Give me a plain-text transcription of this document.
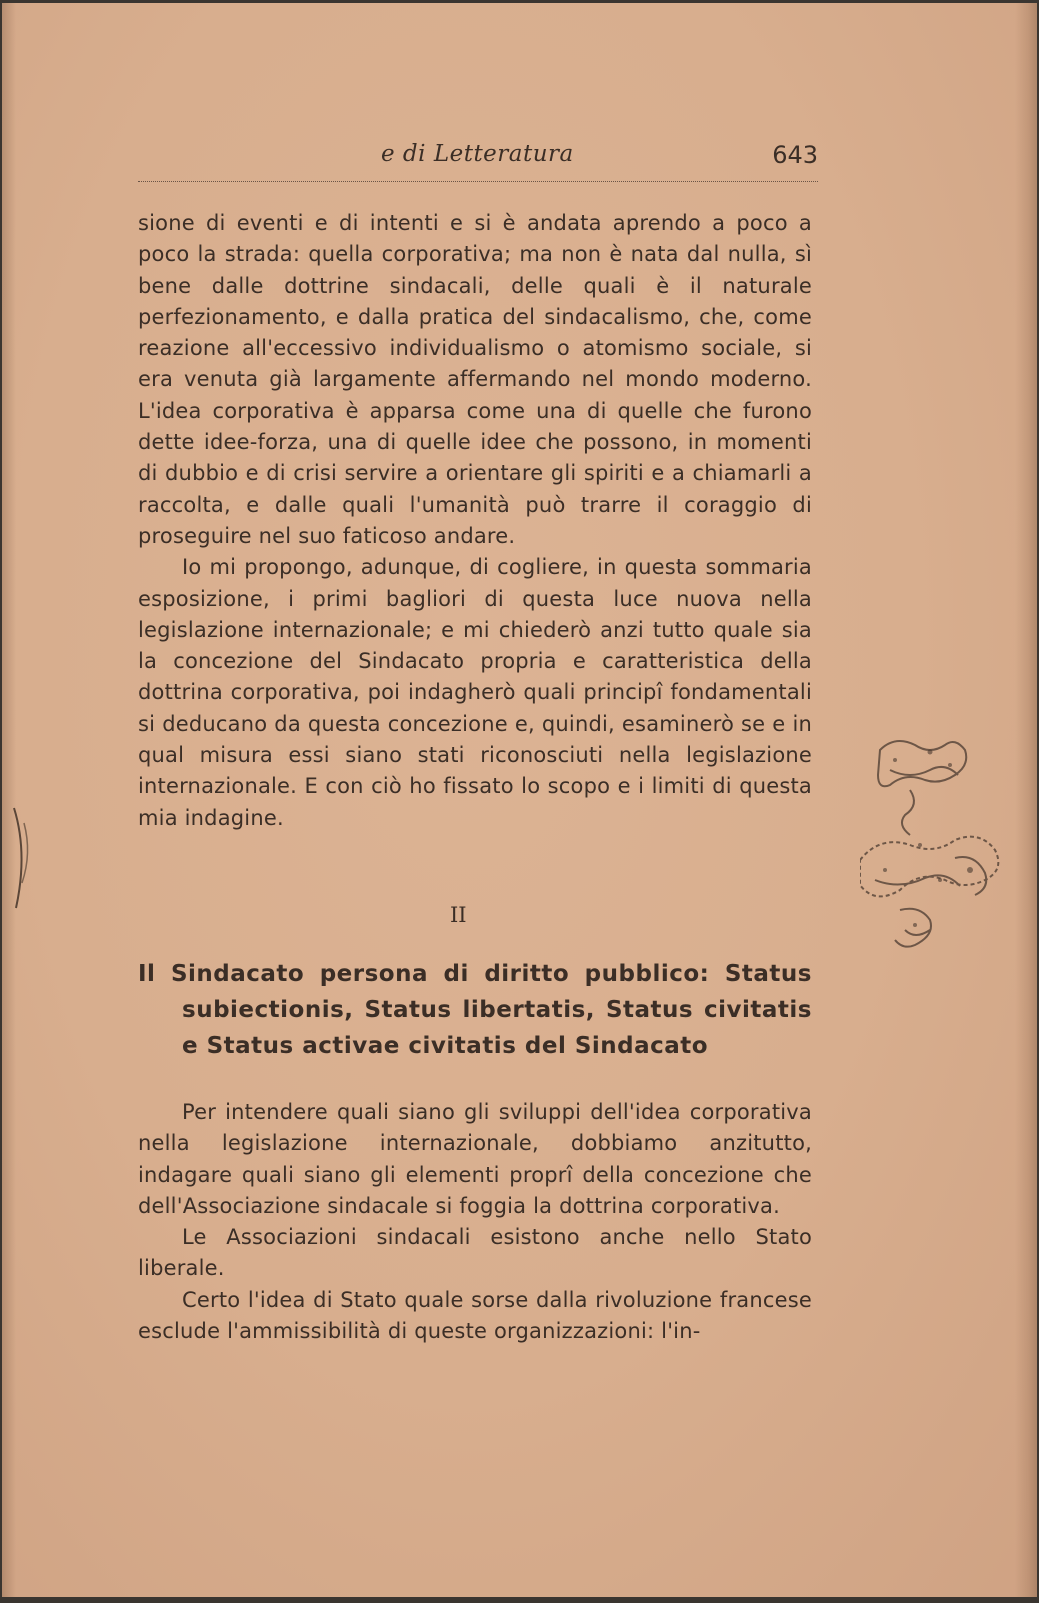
e di Letteratura	643

sione di eventi e di intenti e si è andata aprendo a poco a poco la strada: quella corporativa; ma non è nata dal nulla, sì bene dalle dottrine sindacali, delle quali è il naturale perfezionamento, e dalla pratica del sindacalismo, che, come reazione all'eccessivo individualismo o atomismo sociale, si era venuta già largamente affermando nel mondo moderno. L'idea corporativa è apparsa come una di quelle che furono dette idee-forza, una di quelle idee che possono, in momenti di dubbio e di crisi servire a orientare gli spiriti e a chiamarli a raccolta, e dalle quali l'umanità può trarre il coraggio di proseguire nel suo faticoso andare.

Io mi propongo, adunque, di cogliere, in questa sommaria esposizione, i primi bagliori di questa luce nuova nella legislazione internazionale; e mi chiederò anzi tutto quale sia la concezione del Sindacato propria e caratteristica della dottrina corporativa, poi indagherò quali principî fondamentali si deducano da questa concezione e, quindi, esaminerò se e in qual misura essi siano stati riconosciuti nella legislazione internazionale. E con ciò ho fissato lo scopo e i limiti di questa mia indagine.

II
Il Sindacato persona di diritto pubblico: Status subiectionis, Status libertatis, Status civitatis e Status activae civitatis del Sindacato

Per intendere quali siano gli sviluppi dell'idea corporativa nella legislazione internazionale, dobbiamo anzitutto, indagare quali siano gli elementi proprî della concezione che dell'Associazione sindacale si foggia la dottrina corporativa.

Le Associazioni sindacali esistono anche nello Stato liberale.

Certo l'idea di Stato quale sorse dalla rivoluzione francese esclude l'ammissibilità di queste organizzazioni: l'in-
